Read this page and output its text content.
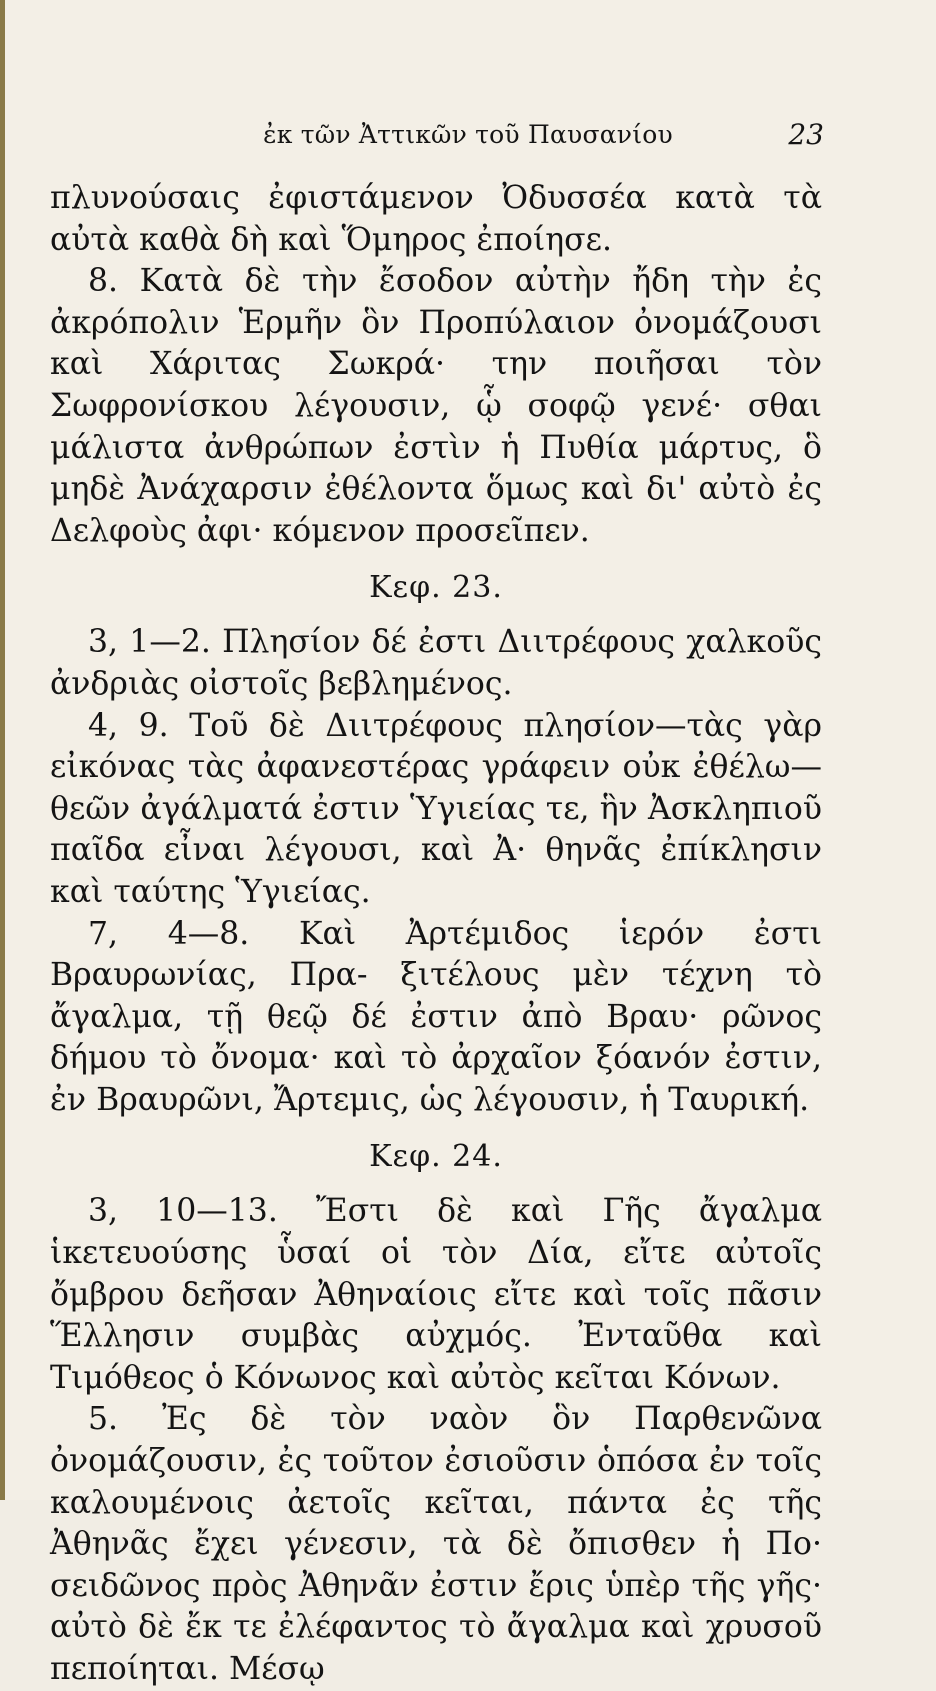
ἐκ τῶν Ἀττικῶν τοῦ Παυσανίου	23

πλυνούσαις ἐφιστάμενον Ὀδυσσέα κατὰ τὰ αὐτὰ καθὰ δὴ καὶ Ὅμηρος ἐποίησε.

8. Κατὰ δὲ τὴν ἔσοδον αὐτὴν ἤδη τὴν ἐς ἀκρόπολιν Ἑρμῆν ὃν Προπύλαιον ὀνομάζουσι καὶ Χάριτας Σωκρά· την ποιῆσαι τὸν Σωφρονίσκου λέγουσιν, ᾧ σοφῷ γενέ· σθαι μάλιστα ἀνθρώπων ἐστὶν ἡ Πυθία μάρτυς, ὃ μηδὲ Ἀνάχαρσιν ἐθέλοντα ὅμως καὶ δι' αὐτὸ ἐς Δελφοὺς ἀφι· κόμενον προσεῖπεν.

Κεφ. 23.

3, 1—2. Πλησίον δέ ἐστι Διιτρέφους χαλκοῦς ἀνδριὰς οἰστοῖς βεβλημένος.

4, 9. Τοῦ δὲ Διιτρέφους πλησίον—τὰς γὰρ εἰκόνας τὰς ἀφανεστέρας γράφειν οὐκ ἐθέλω—θεῶν ἀγάλματά ἐστιν Ὑγιείας τε, ἣν Ἀσκληπιοῦ παῖδα εἶναι λέγουσι, καὶ Ἀ· θηνᾶς ἐπίκλησιν καὶ ταύτης Ὑγιείας.

7, 4—8. Καὶ Ἀρτέμιδος ἱερόν ἐστι Βραυρωνίας, Πρα- ξιτέλους μὲν τέχνη τὸ ἄγαλμα, τῇ θεῷ δέ ἐστιν ἀπὸ Βραυ· ρῶνος δήμου τὸ ὄνομα· καὶ τὸ ἀρχαῖον ξόανόν ἐστιν, ἐν Βραυρῶνι, Ἄρτεμις, ὡς λέγουσιν, ἡ Ταυρική.

Κεφ. 24.

3, 10—13. Ἔστι δὲ καὶ Γῆς ἄγαλμα ἱκετευούσης ὗσαί οἱ τὸν Δία, εἴτε αὐτοῖς ὄμβρου δεῆσαν Ἀθηναίοις εἴτε καὶ τοῖς πᾶσιν Ἕλλησιν συμβὰς αὐχμός. Ἐνταῦθα καὶ Τιμόθεος ὁ Κόνωνος καὶ αὐτὸς κεῖται Κόνων.

5. Ἐς δὲ τὸν ναὸν ὃν Παρθενῶνα ὀνομάζουσιν, ἐς τοῦτον ἐσιοῦσιν ὁπόσα ἐν τοῖς καλουμένοις ἀετοῖς κεῖται, πάντα ἐς τῆς Ἀθηνᾶς ἔχει γένεσιν, τὰ δὲ ὄπισθεν ἡ Πο· σειδῶνος πρὸς Ἀθηνᾶν ἐστιν ἔρις ὑπὲρ τῆς γῆς· αὐτὸ δὲ ἔκ τε ἐλέφαντος τὸ ἄγαλμα καὶ χρυσοῦ πεποίηται. Μέσῳ
